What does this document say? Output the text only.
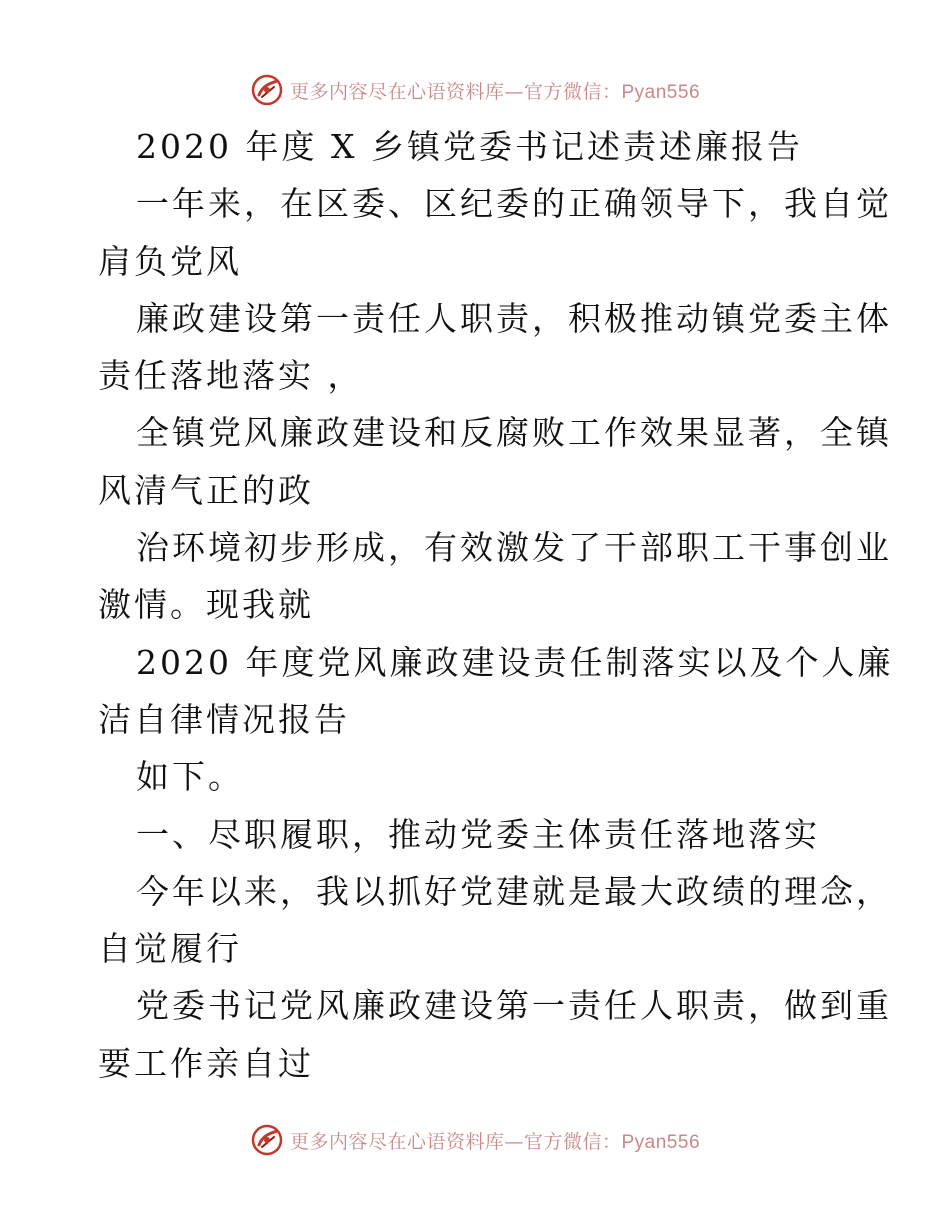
更多内容尽在心语资料库—官方微信：Pyan556
2020 年度 X 乡镇党委书记述责述廉报告
一年来，在区委、区纪委的正确领导下，我自觉
肩负党风
廉政建设第一责任人职责，积极推动镇党委主体
责任落地落实 ，
全镇党风廉政建设和反腐败工作效果显著，全镇
风清气正的政
治环境初步形成，有效激发了干部职工干事创业
激情。现我就
2020 年度党风廉政建设责任制落实以及个人廉
洁自律情况报告
如下。
一、尽职履职，推动党委主体责任落地落实
今年以来，我以抓好党建就是最大政绩的理念，
自觉履行
党委书记党风廉政建设第一责任人职责，做到重
要工作亲自过
更多内容尽在心语资料库—官方微信：Pyan556
